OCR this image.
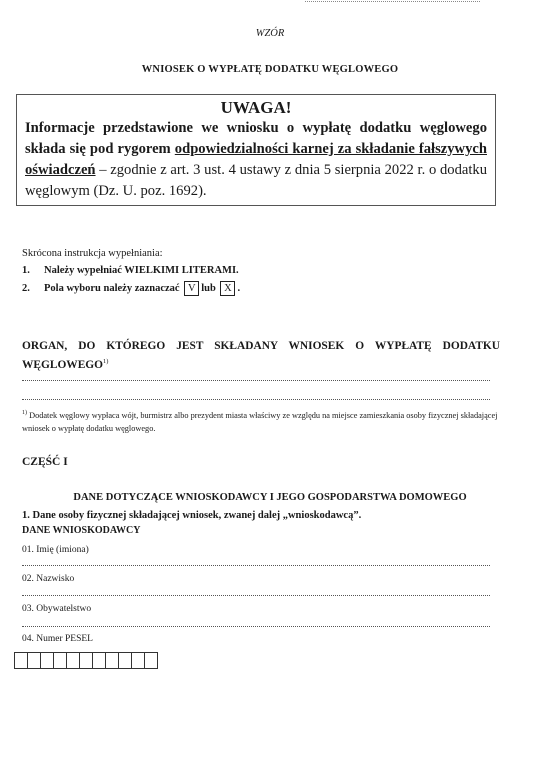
WZÓR
WNIOSEK O WYPŁATĘ DODATKU WĘGLOWEGO
UWAGA!
Informacje przedstawione we wniosku o wypłatę dodatku węglowego składa się pod rygorem odpowiedzialności karnej za składanie fałszywych oświadczeń – zgodnie z art. 3 ust. 4 ustawy z dnia 5 sierpnia 2022 r. o dodatku węglowym (Dz. U. poz. 1692).
Skrócona instrukcja wypełniania:
1. Należy wypełniać WIELKIMI LITERAMI.
2. Pola wyboru należy zaznaczać V lub X .
ORGAN, DO KTÓREGO JEST SKŁADANY WNIOSEK O WYPŁATĘ DODATKU WĘGLOWEGO$^{1)}$
$^{1)}$ Dodatek węglowy wypłaca wójt, burmistrz albo prezydent miasta właściwy ze względu na miejsce zamieszkania osoby fizycznej składającej wniosek o wypłatę dodatku węglowego.
CZĘŚĆ I
DANE DOTYCZĄCE WNIOSKODAWCY I JEGO GOSPODARSTWA DOMOWEGO
1. Dane osoby fizycznej składającej wniosek, zwanej dalej „wnioskodawcą”.
DANE WNIOSKODAWCY
01. Imię (imiona)
02. Nazwisko
03. Obywatelstwo
04. Numer PESEL
